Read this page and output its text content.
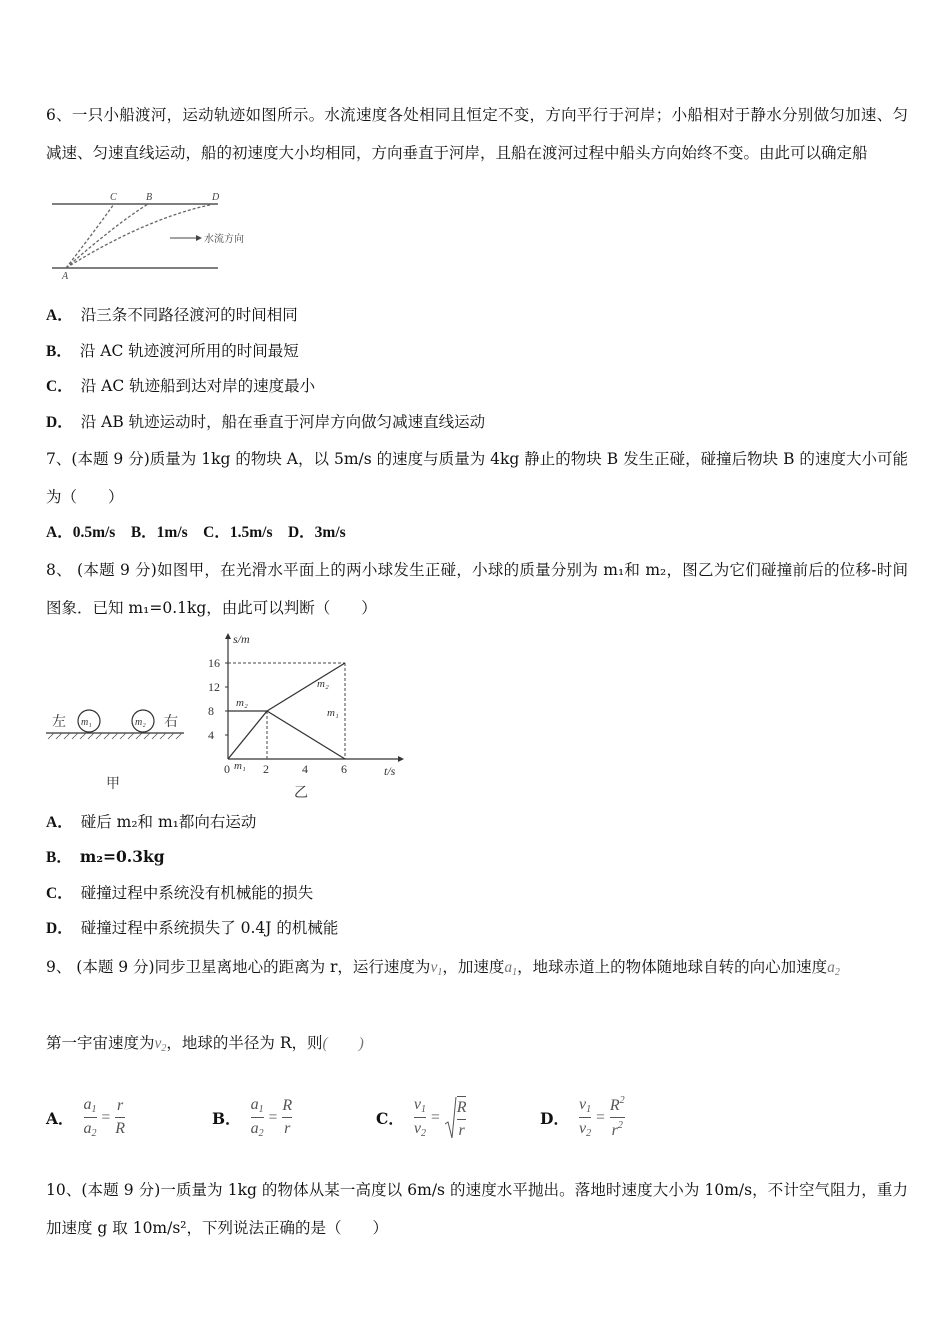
6、一只小船渡河，运动轨迹如图所示。水流速度各处相同且恒定不变，方向平行于河岸；小船相对于静水分别做匀加速、匀减速、匀速直线运动，船的初速度大小均相同，方向垂直于河岸，且船在渡河过程中船头方向始终不变。由此可以确定船

C	B	D
A
水流方向

A． 沿三条不同路径渡河的时间相同

B． 沿 AC 轨迹渡河所用的时间最短

C． 沿 AC 轨迹船到达对岸的速度最小

D． 沿 AB 轨迹运动时，船在垂直于河岸方向做匀减速直线运动

7、(本题 9 分)质量为 1kg 的物块 A，以 5m/s 的速度与质量为 4kg 静止的物块 B 发生正碰，碰撞后物块 B 的速度大小可能为（　　）

A．0.5m/s　B．1m/s　C．1.5m/s　D．3m/s

8、 (本题 9 分)如图甲，在光滑水平面上的两小球发生正碰，小球的质量分别为 m₁和 m₂，图乙为它们碰撞前后的位移-时间图象．已知 m₁=0.1kg，由此可以判断（　　）

左 m₁	m₂ 右
甲
s/m
t/s
乙
0	2	4	6
4
8
12
16
m₁
m₂
m₂
m₁

A． 碰后 m₂和 m₁都向右运动

B． m₂=0.3kg

C． 碰撞过程中系统没有机械能的损失

D． 碰撞过程中系统损失了 0.4J 的机械能

9、 (本题 9 分)同步卫星离地心的距离为 r，运行速度为$v_1$，加速度$a_1$，地球赤道上的物体随地球自转的向心加速度$a_2$

第一宇宙速度为$v_2$，地球的半径为 R，则(　　)

A． $\frac{a_1}{a_2} = \frac{r}{R}$	B． $\frac{a_1}{a_2} = \frac{R}{r}$	C． $\frac{v_1}{v_2} = \frac{R}{r}$	D． $\frac{v_1}{v_2} = \frac{R^2}{r^2}$

10、(本题 9 分)一质量为 1kg 的物体从某一高度以 6m/s 的速度水平抛出。落地时速度大小为 10m/s，不计空气阻力，重力加速度 g 取 10m/s²，下列说法正确的是（　　）
